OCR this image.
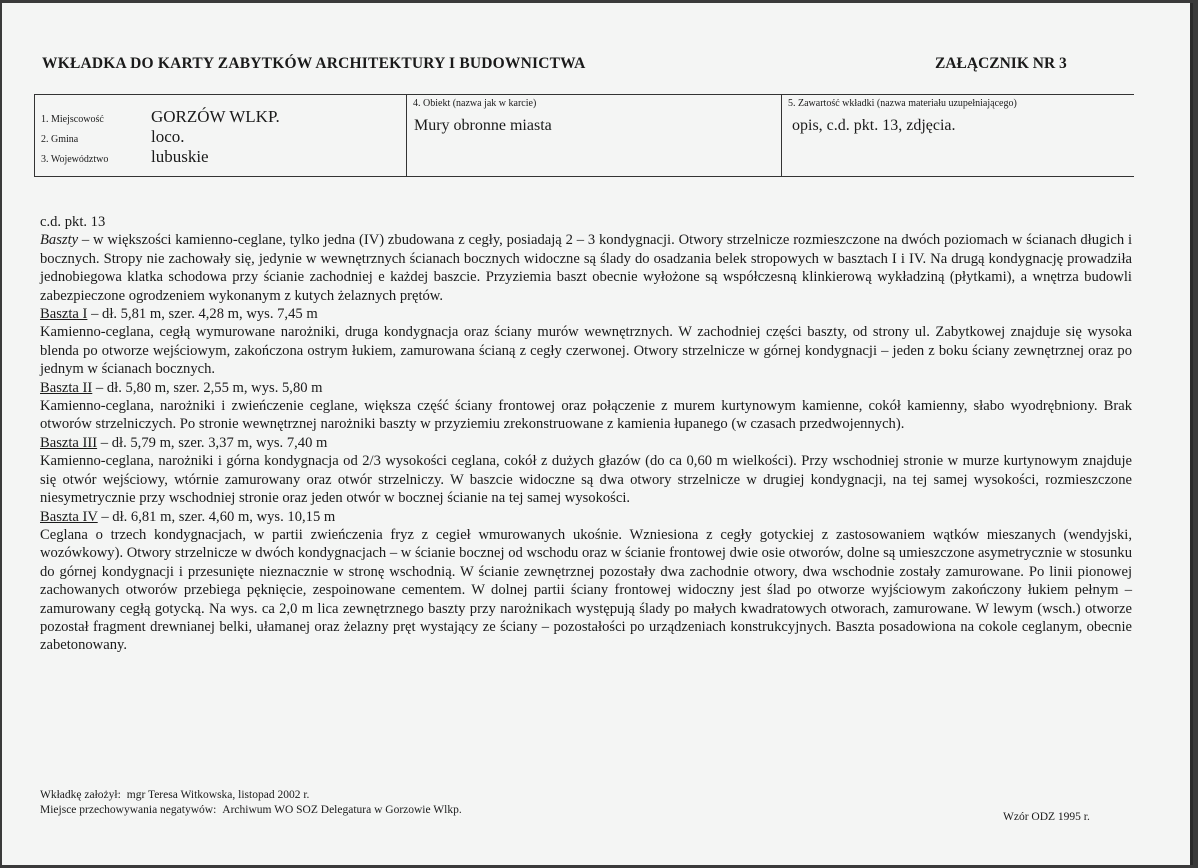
WKŁADKA DO KARTY ZABYTKÓW ARCHITEKTURY I BUDOWNICTWA	ZAŁĄCZNIK NR 3
1. Miejscowość	GORZÓW WLKP.
2. Gmina	loco.
3. Województwo	lubuskie
4. Obiekt (nazwa jak w karcie)
Mury obronne miasta
5. Zawartość wkładki (nazwa materiału uzupełniającego)
opis, c.d. pkt. 13, zdjęcia.

c.d. pkt. 13

Baszty – w większości kamienno-ceglane, tylko jedna (IV) zbudowana z cegły, posiadają 2 – 3 kondygnacji. Otwory strzelnicze rozmieszczone na dwóch poziomach w ścianach długich i bocznych. Stropy nie zachowały się, jedynie w wewnętrznych ścianach bocznych widoczne są ślady do osadzania belek stropowych w basztach I i IV. Na drugą kondygnację prowadziła jednobiegowa klatka schodowa przy ścianie zachodniej e każdej baszcie. Przyziemia baszt obecnie wyłożone są współczesną klinkierową wykładziną (płytkami), a wnętrza budowli zabezpieczone ogrodzeniem wykonanym z kutych żelaznych prętów.

Baszta I – dł. 5,81 m, szer. 4,28 m, wys. 7,45 m

Kamienno-ceglana, cegłą wymurowane narożniki, druga kondygnacja oraz ściany murów wewnętrznych. W zachodniej części baszty, od strony ul. Zabytkowej znajduje się wysoka blenda po otworze wejściowym, zakończona ostrym łukiem, zamurowana ścianą z cegły czerwonej. Otwory strzelnicze w górnej kondygnacji – jeden z boku ściany zewnętrznej oraz po jednym w ścianach bocznych.

Baszta II – dł. 5,80 m, szer. 2,55 m, wys. 5,80 m

Kamienno-ceglana, narożniki i zwieńczenie ceglane, większa część ściany frontowej oraz połączenie z murem kurtynowym kamienne, cokół kamienny, słabo wyodrębniony. Brak otworów strzelniczych. Po stronie wewnętrznej narożniki baszty w przyziemiu zrekonstruowane z kamienia łupanego (w czasach przedwojennych).

Baszta III – dł. 5,79 m, szer. 3,37 m, wys. 7,40 m

Kamienno-ceglana, narożniki i górna kondygnacja od 2/3 wysokości ceglana, cokół z dużych głazów (do ca 0,60 m wielkości). Przy wschodniej stronie w murze kurtynowym znajduje się otwór wejściowy, wtórnie zamurowany oraz otwór strzelniczy. W baszcie widoczne są dwa otwory strzelnicze w drugiej kondygnacji, na tej samej wysokości, rozmieszczone niesymetrycznie przy wschodniej stronie oraz jeden otwór w bocznej ścianie na tej samej wysokości.

Baszta IV – dł. 6,81 m, szer. 4,60 m, wys. 10,15 m

Ceglana o trzech kondygnacjach, w partii zwieńczenia fryz z cegieł wmurowanych ukośnie. Wzniesiona z cegły gotyckiej z zastosowaniem wątków mieszanych (wendyjski, wozówkowy). Otwory strzelnicze w dwóch kondygnacjach – w ścianie bocznej od wschodu oraz w ścianie frontowej dwie osie otworów, dolne są umieszczone asymetrycznie w stosunku do górnej kondygnacji i przesunięte nieznacznie w stronę wschodnią. W ścianie zewnętrznej pozostały dwa zachodnie otwory, dwa wschodnie zostały zamurowane. Po linii pionowej zachowanych otworów przebiega pęknięcie, zespoinowane cementem. W dolnej partii ściany frontowej widoczny jest ślad po otworze wyjściowym zakończony łukiem pełnym – zamurowany cegłą gotycką. Na wys. ca 2,0 m lica zewnętrznego baszty przy narożnikach występują ślady po małych kwadratowych otworach, zamurowane. W lewym (wsch.) otworze pozostał fragment drewnianej belki, ułamanej oraz żelazny pręt wystający ze ściany – pozostałości po urządzeniach konstrukcyjnych. Baszta posadowiona na cokole ceglanym, obecnie zabetonowany.

Wkładkę założył: mgr Teresa Witkowska, listopad 2002 r.
Miejsce przechowywania negatywów: Archiwum WO SOZ Delegatura w Gorzowie Wlkp.
Wzór ODZ 1995 r.
